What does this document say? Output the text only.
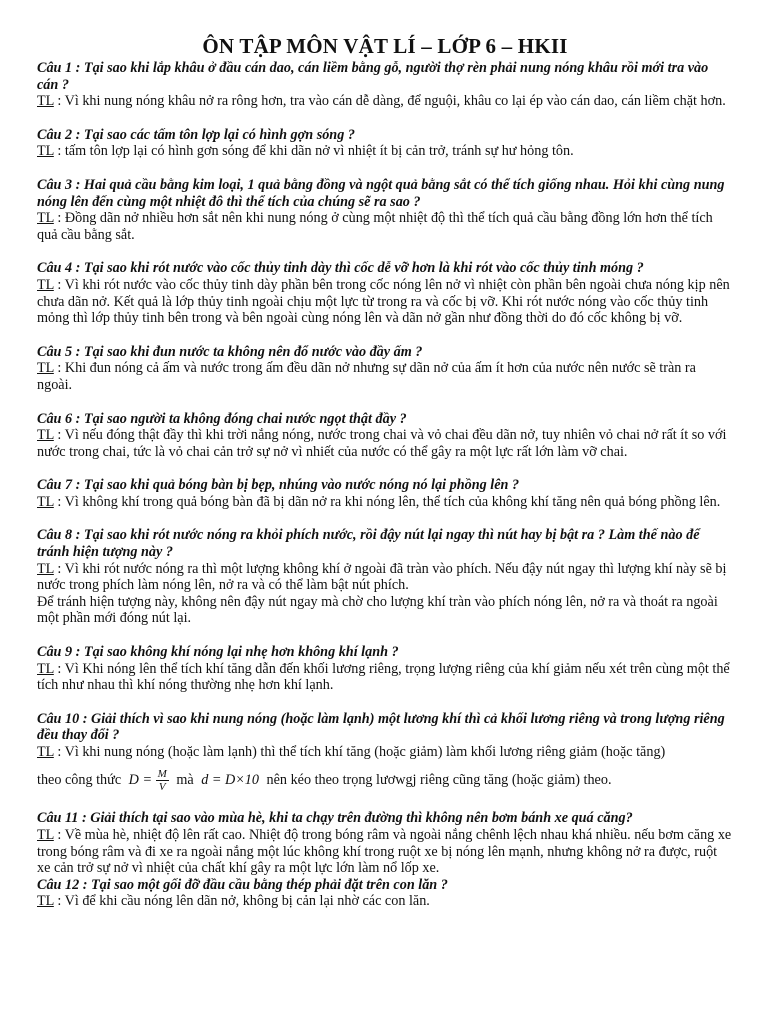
ÔN TẬP MÔN VẬT LÍ – LỚP 6 – HKII
Câu 1 : Tại sao khi lắp khâu ở đầu cán dao, cán liềm bằng gỗ, người thợ rèn phải nung nóng khâu rồi mới tra vào cán ?
TL : Vì khi nung nóng khâu nở ra rông hơn, tra vào cán dễ dàng, để nguội, khâu co lại ép vào cán dao, cán liềm chặt hơn.
Câu 2 : Tại sao các tấm tôn lợp lại có hình gợn sóng ?
TL : tấm tôn lợp lại có hình gơn sóng để khi dãn nở vì nhiệt ít bị cản trở, tránh sự hư hỏng tôn.
Câu 3 : Hai quả cầu bằng kim loại, 1 quả bằng đồng và ngột quả bằng sắt có thể tích giống nhau. Hỏi khi cùng nung nóng lên đến cùng một nhiệt đô thì thể tích của chúng sẽ ra sao ?
TL : Đồng dãn nở nhiều hơn sắt nên khi nung nóng ở cùng một nhiệt độ thì thể tích quả cầu bằng đồng lớn hơn thể tích quả cầu bằng sắt.
Câu 4 : Tại sao khi rót nước vào cốc thủy tinh dày thì cốc dễ vỡ hơn là khi rót vào cốc thủy tinh móng ?
TL : Vì khi rót nước vào cốc thủy tinh dày phần bên trong cốc nóng lên nở vì nhiệt còn phần bên ngoài chưa nóng kịp nên chưa dãn nở. Kết quả là lớp thủy tinh ngoài chịu một lực từ trong ra và cốc bị vỡ. Khi rót nước nóng vào cốc thủy tinh mỏng thì lớp thủy tinh bên trong và bên ngoài cùng nóng lên và dãn nở gần như đồng thời do đó cốc không bị vỡ.
Câu 5 : Tại sao khi đun nước ta không nên đổ nước vào đầy ấm ?
TL : Khi đun nóng cả ấm và nước trong ấm đều dãn nở nhưng sự dãn nở của ấm ít hơn của nước nên nước sẽ tràn ra ngoài.
Câu 6 : Tại sao người ta không đóng chai nước ngọt thật đầy ?
TL : Vì nếu đóng thật đầy thì khi trời nắng nóng, nước trong chai và vỏ chai đều dãn nở, tuy nhiên vỏ chai nở rất ít so với nước trong chai, tức là vỏ chai cản trở sự nở vì nhiết của nước có thể gây ra một lực rất lớn làm vỡ chai.
Câu 7 : Tại sao khi quả bóng bàn bị bẹp, nhúng vào nước nóng nó lại phồng lên ?
TL : Vì không khí trong quả bóng bàn đã bị dãn nở ra khi nóng lên, thể tích của không khí tăng nên quả bóng phồng lên.
Câu 8 : Tại sao khi rót nước nóng ra khỏi phích nước, rồi đậy nút lại ngay thì nút hay bị bật ra ? Làm thế nào để tránh hiện tượng này ?
TL : Vì khi rót nước nóng ra thì một lượng không khí ở ngoài đã tràn vào phích. Nếu đậy nút ngay thì lượng khí này sẽ bị nước trong phích làm nóng lên, nở ra và có thể làm bật nút phích.
Để tránh hiện tượng này, không nên đậy nút ngay mà chờ cho lượng khí tràn vào phích nóng lên, nở ra và thoát ra ngoài một phần mới đóng nút lại.
Câu 9 : Tại sao không khí nóng lại nhẹ hơn không khí lạnh ?
TL : Vì Khi nóng lên thể tích khí tăng dẫn đến khối lương riêng, trọng lượng riêng của khí giảm nếu xét trên cùng một thể tích như nhau thì khí nóng thường nhẹ hơn khí lạnh.
Câu 10 : Giải thích vì sao khi nung nóng (hoặc làm lạnh) một lương khí thì cả khối lương riêng và trong lượng riêng đều thay đổi ?
TL : Vì khi nung nóng (hoặc làm lạnh) thì thể tích khí tăng (hoặc giảm) làm khối lương riêng giảm (hoặc tăng)
theo công thức $D = \frac{M}{V}$ mà d = D×10 nên kéo theo trọng lươwgj riêng cũng tăng (hoặc giảm) theo.
Câu 11 : Giải thích tại sao vào mùa hè, khi ta chạy trên đường thì không nên bơm bánh xe quá căng?
TL : Về mùa hè, nhiệt độ lên rất cao. Nhiệt độ trong bóng râm và ngoài nắng chênh lệch nhau khá nhiều. nếu bơm căng xe trong bóng râm và đi xe ra ngoài nắng một lúc không khí trong ruột xe bị nóng lên mạnh, nhưng không nở ra được, ruột xe cản trở sự nở vì nhiệt của chất khí gây ra một lực lớn làm nổ lốp xe.
Câu 12 : Tại sao một gối đỡ đầu cầu bằng thép phải đặt trên con lăn ?
TL : Vì để khi cầu nóng lên dãn nở, không bị cản lại nhờ các con lăn.
